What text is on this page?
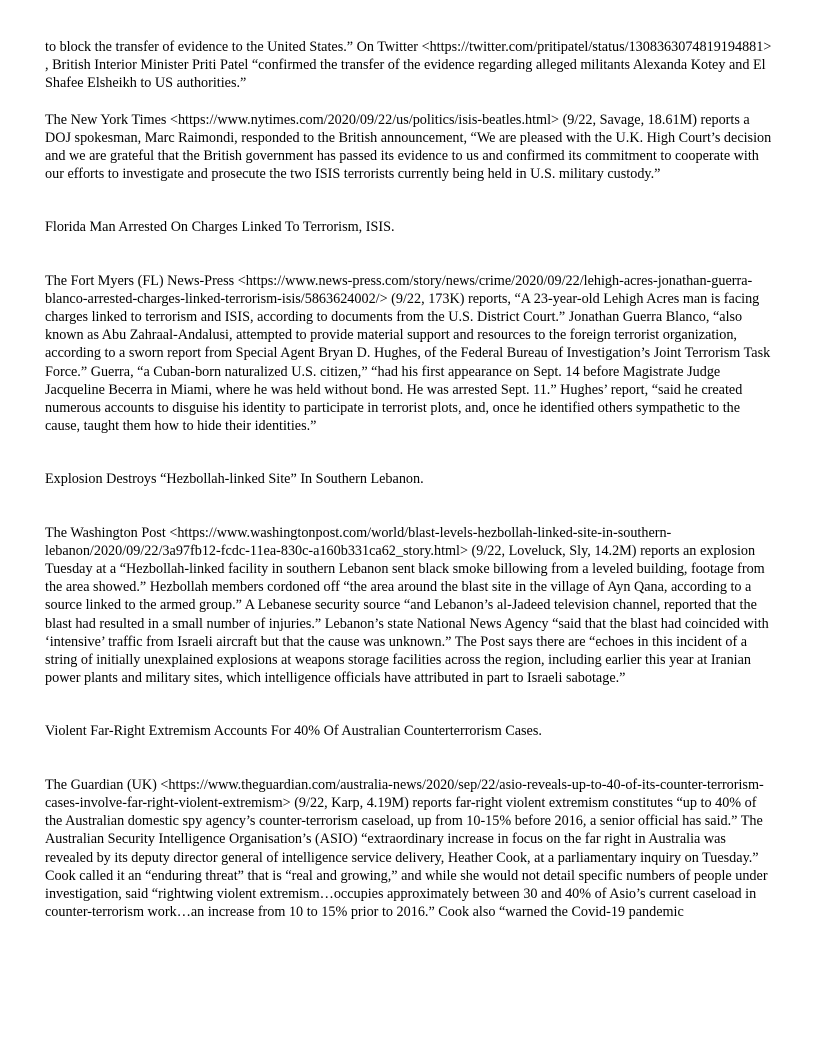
to block the transfer of evidence to the United States.” On Twitter <https://twitter.com/pritipatel/status/1308363074819194881> , British Interior Minister Priti Patel “confirmed the transfer of the evidence regarding alleged militants Alexanda Kotey and El Shafee Elsheikh to US authorities.”

The New York Times <https://www.nytimes.com/2020/09/22/us/politics/isis-beatles.html> (9/22, Savage, 18.61M) reports a DOJ spokesman, Marc Raimondi, responded to the British announcement, “We are pleased with the U.K. High Court’s decision and we are grateful that the British government has passed its evidence to us and confirmed its commitment to cooperate with our efforts to investigate and prosecute the two ISIS terrorists currently being held in U.S. military custody.”

Florida Man Arrested On Charges Linked To Terrorism, ISIS.

The Fort Myers (FL) News-Press <https://www.news-press.com/story/news/crime/2020/09/22/lehigh-acres-jonathan-guerra-blanco-arrested-charges-linked-terrorism-isis/5863624002/> (9/22, 173K) reports, “A 23-year-old Lehigh Acres man is facing charges linked to terrorism and ISIS, according to documents from the U.S. District Court.” Jonathan Guerra Blanco, “also known as Abu Zahraal-Andalusi, attempted to provide material support and resources to the foreign terrorist organization, according to a sworn report from Special Agent Bryan D. Hughes, of the Federal Bureau of Investigation’s Joint Terrorism Task Force.” Guerra, “a Cuban-born naturalized U.S. citizen,” “had his first appearance on Sept. 14 before Magistrate Judge Jacqueline Becerra in Miami, where he was held without bond. He was arrested Sept. 11.” Hughes’ report, “said he created numerous accounts to disguise his identity to participate in terrorist plots, and, once he identified others sympathetic to the cause, taught them how to hide their identities.”

Explosion Destroys “Hezbollah-linked Site” In Southern Lebanon.

The Washington Post <https://www.washingtonpost.com/world/blast-levels-hezbollah-linked-site-in-southern-lebanon/2020/09/22/3a97fb12-fcdc-11ea-830c-a160b331ca62_story.html> (9/22, Loveluck, Sly, 14.2M) reports an explosion Tuesday at a “Hezbollah-linked facility in southern Lebanon sent black smoke billowing from a leveled building, footage from the area showed.” Hezbollah members cordoned off “the area around the blast site in the village of Ayn Qana, according to a source linked to the armed group.” A Lebanese security source “and Lebanon’s al-Jadeed television channel, reported that the blast had resulted in a small number of injuries.” Lebanon’s state National News Agency “said that the blast had coincided with ‘intensive’ traffic from Israeli aircraft but that the cause was unknown.” The Post says there are “echoes in this incident of a string of initially unexplained explosions at weapons storage facilities across the region, including earlier this year at Iranian power plants and military sites, which intelligence officials have attributed in part to Israeli sabotage.”

Violent Far-Right Extremism Accounts For 40% Of Australian Counterterrorism Cases.

The Guardian (UK) <https://www.theguardian.com/australia-news/2020/sep/22/asio-reveals-up-to-40-of-its-counter-terrorism-cases-involve-far-right-violent-extremism> (9/22, Karp, 4.19M) reports far-right violent extremism constitutes “up to 40% of the Australian domestic spy agency’s counter-terrorism caseload, up from 10-15% before 2016, a senior official has said.” The Australian Security Intelligence Organisation’s (ASIO) “extraordinary increase in focus on the far right in Australia was revealed by its deputy director general of intelligence service delivery, Heather Cook, at a parliamentary inquiry on Tuesday.” Cook called it an “enduring threat” that is “real and growing,” and while she would not detail specific numbers of people under investigation, said “rightwing violent extremism…occupies approximately between 30 and 40% of Asio’s current caseload in counter-terrorism work…an increase from 10 to 15% prior to 2016.” Cook also “warned the Covid-19 pandemic
